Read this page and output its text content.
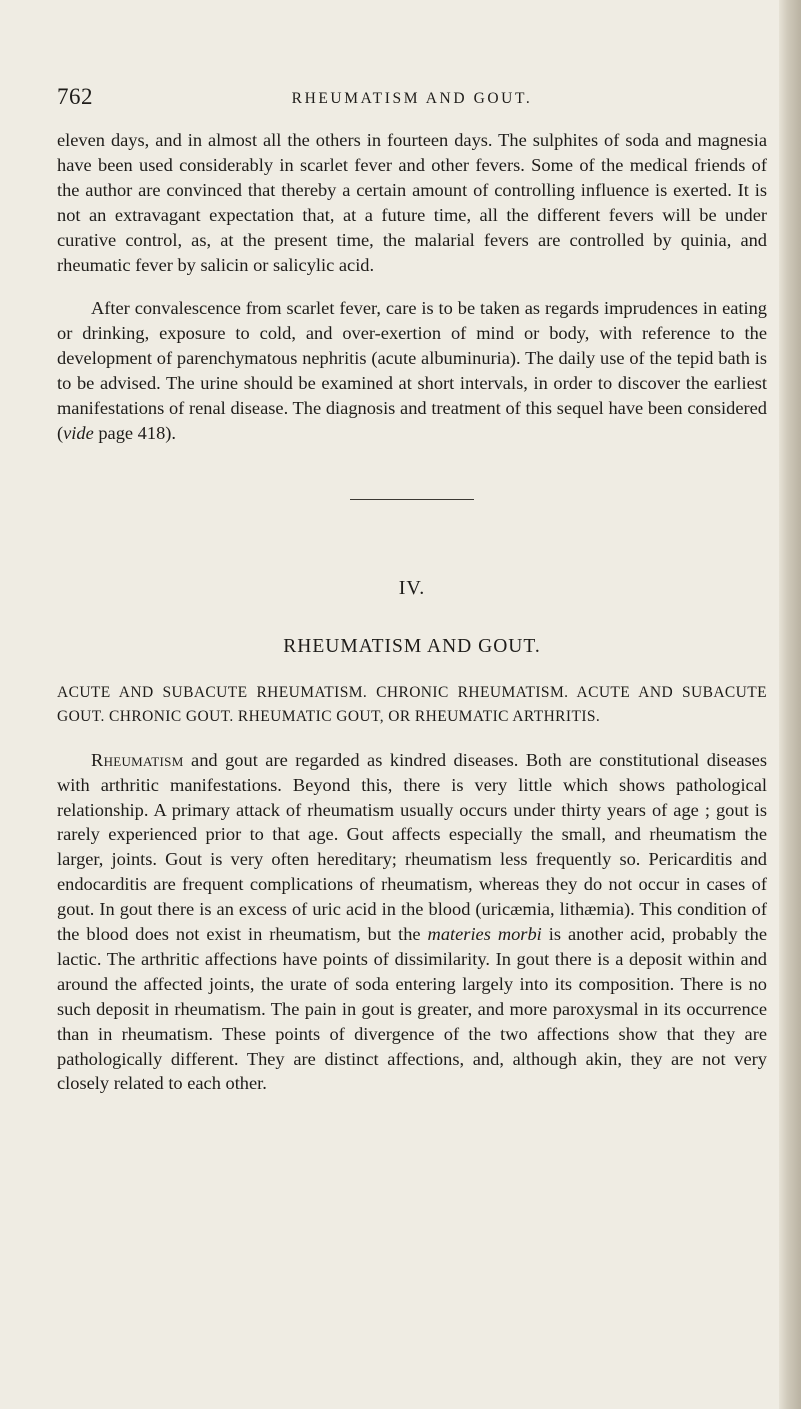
762	RHEUMATISM AND GOUT.

eleven days, and in almost all the others in fourteen days. The sulphites of soda and magnesia have been used considerably in scarlet fever and other fevers. Some of the medical friends of the author are convinced that thereby a certain amount of controlling influence is exerted. It is not an extravagant expectation that, at a future time, all the different fevers will be under curative control, as, at the present time, the malarial fevers are controlled by quinia, and rheumatic fever by salicin or salicylic acid.

After convalescence from scarlet fever, care is to be taken as regards imprudences in eating or drinking, exposure to cold, and over-exertion of mind or body, with reference to the development of parenchymatous nephritis (acute albuminuria). The daily use of the tepid bath is to be advised. The urine should be examined at short intervals, in order to discover the earliest manifestations of renal disease. The diagnosis and treatment of this sequel have been considered (vide page 418).

IV.
RHEUMATISM AND GOUT.

ACUTE AND SUBACUTE RHEUMATISM. CHRONIC RHEUMATISM. ACUTE AND SUBACUTE GOUT. CHRONIC GOUT. RHEUMATIC GOUT, OR RHEUMATIC ARTHRITIS.

Rheumatism and gout are regarded as kindred diseases. Both are constitutional diseases with arthritic manifestations. Beyond this, there is very little which shows pathological relationship. A primary attack of rheumatism usually occurs under thirty years of age ; gout is rarely experienced prior to that age. Gout affects especially the small, and rheumatism the larger, joints. Gout is very often hereditary; rheumatism less frequently so. Pericarditis and endocarditis are frequent complications of rheumatism, whereas they do not occur in cases of gout. In gout there is an excess of uric acid in the blood (uricæmia, lithæmia). This condition of the blood does not exist in rheumatism, but the materies morbi is another acid, probably the lactic. The arthritic affections have points of dissimilarity. In gout there is a deposit within and around the affected joints, the urate of soda entering largely into its composition. There is no such deposit in rheumatism. The pain in gout is greater, and more paroxysmal in its occurrence than in rheumatism. These points of divergence of the two affections show that they are pathologically different. They are distinct affections, and, although akin, they are not very closely related to each other.
